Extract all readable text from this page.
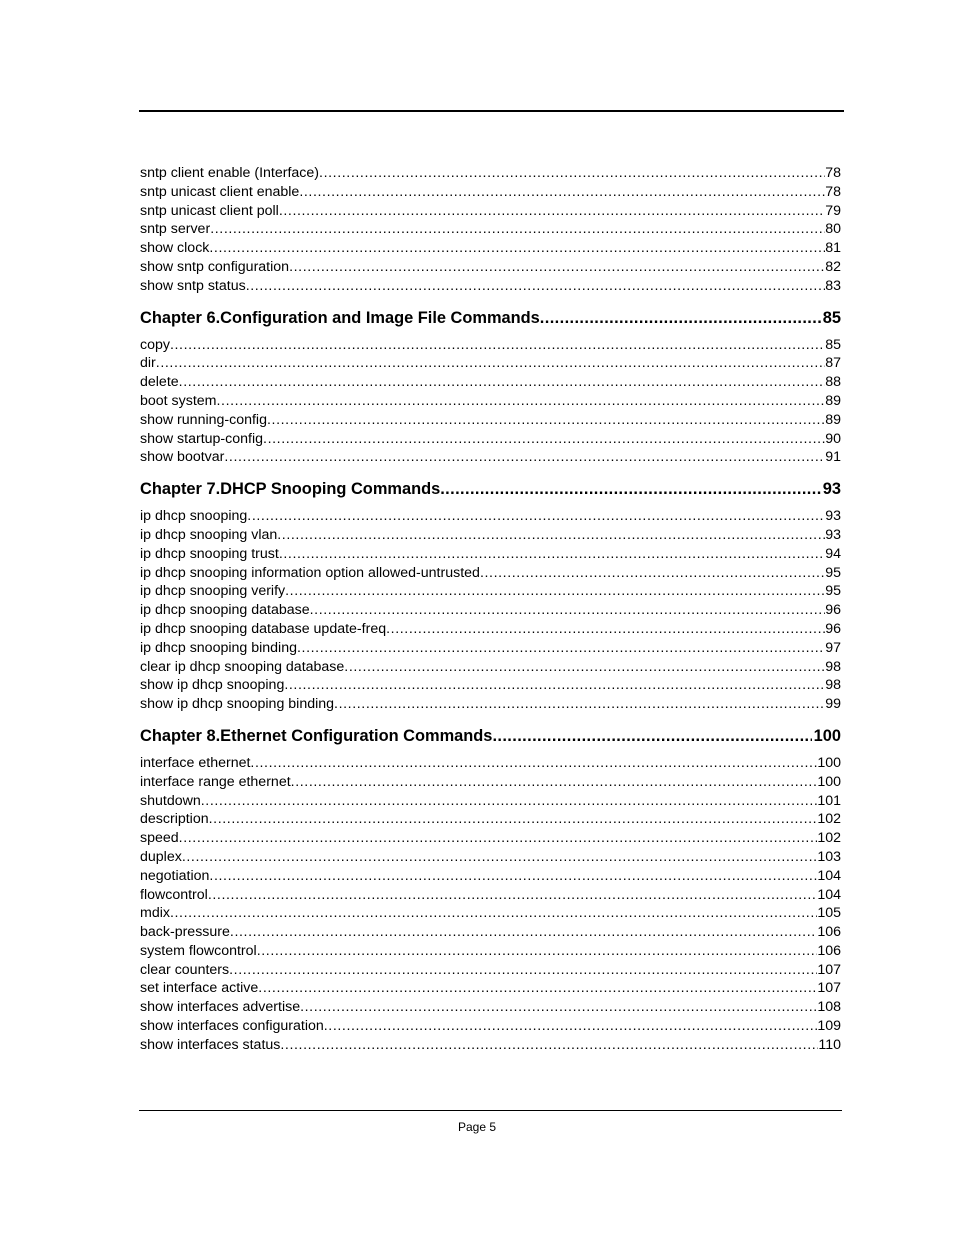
sntp client enable (Interface) .....	78
sntp unicast client enable .....	78
sntp unicast client poll .....	79
sntp server .....	80
show clock .....	81
show sntp configuration .....	82
show sntp status .....	83
Chapter 6.Configuration and Image File Commands .....	85
copy .....	85
dir .....	87
delete .....	88
boot system .....	89
show running-config .....	89
show startup-config .....	90
show bootvar .....	91
Chapter 7.DHCP Snooping Commands .....	93
ip dhcp snooping .....	93
ip dhcp snooping vlan .....	93
ip dhcp snooping trust .....	94
ip dhcp snooping information option allowed-untrusted .....	95
ip dhcp snooping verify .....	95
ip dhcp snooping database .....	96
ip dhcp snooping database update-freq .....	96
ip dhcp snooping binding .....	97
clear ip dhcp snooping database .....	98
show ip dhcp snooping .....	98
show ip dhcp snooping binding .....	99
Chapter 8.Ethernet Configuration Commands .....	100
interface ethernet .....	100
interface range ethernet .....	100
shutdown .....	101
description .....	102
speed .....	102
duplex .....	103
negotiation .....	104
flowcontrol .....	104
mdix .....	105
back-pressure .....	106
system flowcontrol .....	106
clear counters .....	107
set interface active .....	107
show interfaces advertise .....	108
show interfaces configuration .....	109
show interfaces status .....	110
Page 5
